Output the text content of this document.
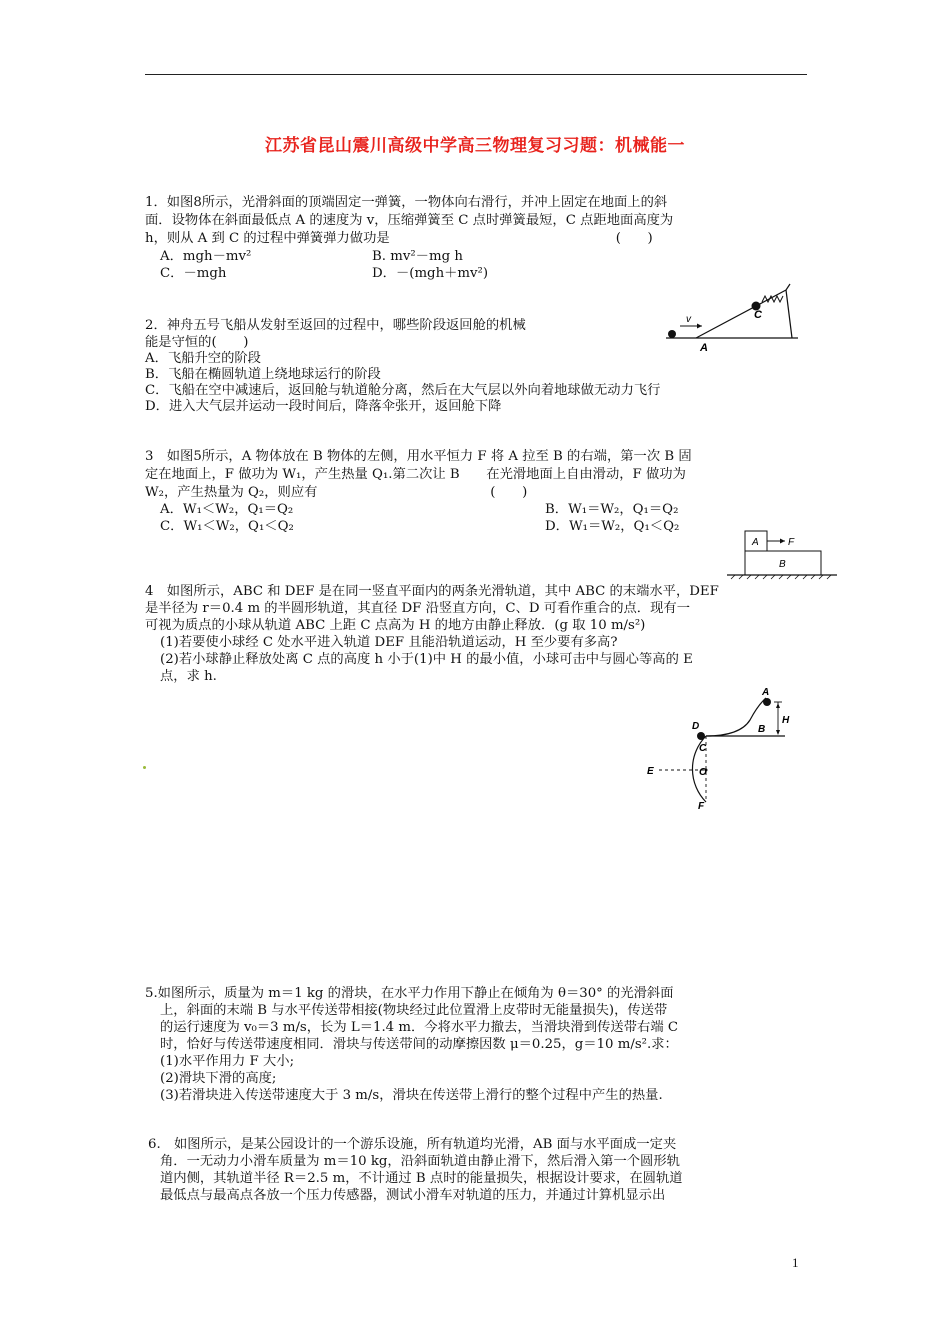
江苏省昆山震川高级中学高三物理复习习题：机械能一
1．如图8所示，光滑斜面的顶端固定一弹簧，一物体向右滑行，并冲上固定在地面上的斜
面．设物体在斜面最低点 A 的速度为 v，压缩弹簧至 C 点时弹簧最短，C 点距地面高度为
h，则从 A 到 C 的过程中弹簧弹力做功是　　　　　　　　　　　　　　　　　(　　)
A．mgh－mv²	B. mv²－mg h
C．－mgh	D．－(mgh＋mv²)
v
A
C
2．神舟五号飞船从发射至返回的过程中，哪些阶段返回舱的机械
能是守恒的(　　)
A．飞船升空的阶段
B．飞船在椭圆轨道上绕地球运行的阶段
C．飞船在空中减速后，返回舱与轨道舱分离，然后在大气层以外向着地球做无动力飞行
D．进入大气层并运动一段时间后，降落伞张开，返回舱下降
3　如图5所示，A 物体放在 B 物体的左侧，用水平恒力 F 将 A 拉至 B 的右端，第一次 B 固
定在地面上，F 做功为 W₁，产生热量 Q₁.第二次让 B　　在光滑地面上自由滑动，F 做功为
W₂，产生热量为 Q₂，则应有　　　　　　　　　　　　　(　　)
A．W₁＜W₂，Q₁＝Q₂	B．W₁＝W₂，Q₁＝Q₂
C．W₁＜W₂，Q₁＜Q₂	D．W₁＝W₂，Q₁＜Q₂
A	F
B
4　如图所示，ABC 和 DEF 是在同一竖直平面内的两条光滑轨道，其中 ABC 的末端水平，DEF
是半径为 r＝0.4 m 的半圆形轨道，其直径 DF 沿竖直方向，C、D 可看作重合的点．现有一
可视为质点的小球从轨道 ABC 上距 C 点高为 H 的地方由静止释放．(g 取 10 m/s²)
(1)若要使小球经 C 处水平进入轨道 DEF 且能沿轨道运动，H 至少要有多高?
(2)若小球静止释放处离 C 点的高度 h 小于(1)中 H 的最小值，小球可击中与圆心等高的 E
点，求 h.
A
D	B
H
C
E	O
F
5.如图所示，质量为 m＝1 kg 的滑块，在水平力作用下静止在倾角为 θ＝30° 的光滑斜面
上，斜面的末端 B 与水平传送带相接(物块经过此位置滑上皮带时无能量损失)，传送带
的运行速度为 v₀＝3 m/s，长为 L＝1.4 m．今将水平力撤去，当滑块滑到传送带右端 C
时，恰好与传送带速度相同．滑块与传送带间的动摩擦因数 μ＝0.25，g＝10 m/s².求：
(1)水平作用力 F 大小;
(2)滑块下滑的高度;
(3)若滑块进入传送带速度大于 3 m/s，滑块在传送带上滑行的整个过程中产生的热量.
6.　如图所示，是某公园设计的一个游乐设施，所有轨道均光滑，AB 面与水平面成一定夹
角．一无动力小滑车质量为 m＝10 kg，沿斜面轨道由静止滑下，然后滑入第一个圆形轨
道内侧，其轨道半径 R＝2.5 m，不计通过 B 点时的能量损失，根据设计要求，在圆轨道
最低点与最高点各放一个压力传感器，测试小滑车对轨道的压力，并通过计算机显示出
1
